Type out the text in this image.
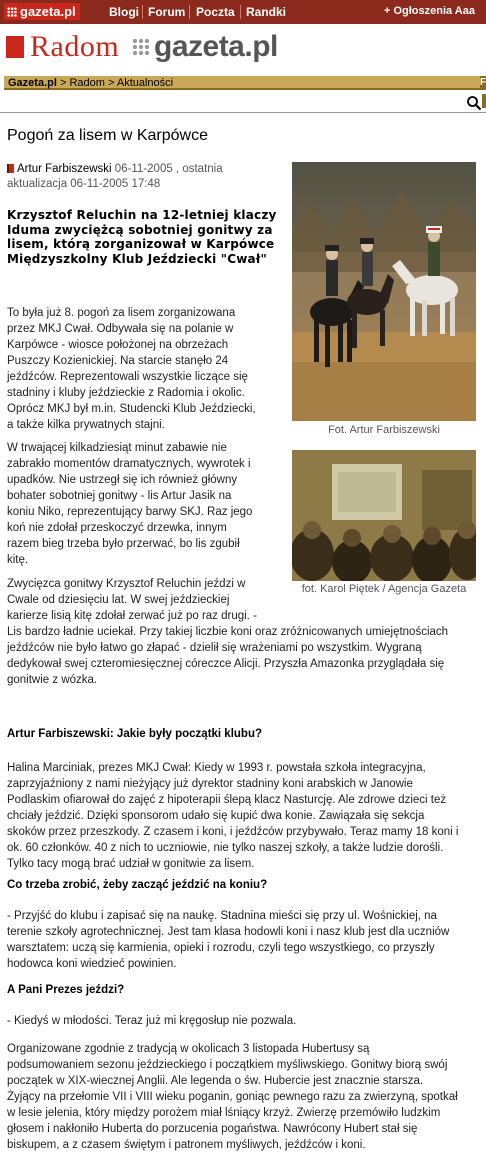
gazeta.pl	Blogi Forum Poczta Randki	+ Ogłoszenia Aaa
Radom	gazeta.pl
Gazeta.pl > Radom > Aktualności	F
Pogoń za lisem w Karpówce
Artur Farbiszewski 06-11-2005 , ostatnia
aktualizacja 06-11-2005 17:48
Krzysztof Reluchin na 12-letniej klaczy
Iduma zwyciężcą sobotniej gonitwy za
lisem, którą zorganizował w Karpówce
Międzyszkolny Klub Jeździecki "Cwał"
Fot. Artur Farbiszewski
fot. Karol Piętek / Agencja Gazeta
To była już 8. pogoń za lisem zorganizowana
przez MKJ Cwał. Odbywała się na polanie w
Karpówce - wiosce położonej na obrzeżach
Puszczy Kozienickiej. Na starcie stanęło 24
jeźdźców. Reprezentowali wszystkie liczące się
stadniny i kluby jeździeckie z Radomia i okolic.
Oprócz MKJ był m.in. Studencki Klub Jeździecki,
a także kilka prywatnych stajni.
W trwającej kilkadziesiąt minut zabawie nie
zabrakło momentów dramatycznych, wywrotek i
upadków. Nie ustrzegł się ich również główny
bohater sobotniej gonitwy - lis Artur Jasik na
koniu Niko, reprezentujący barwy SKJ. Raz jego
koń nie zdołał przeskoczyć drzewka, innym
razem bieg trzeba było przerwać, bo lis zgubił
kitę.
Zwycięzca gonitwy Krzysztof Reluchin jeździ w
Cwale od dziesięciu lat. W swej jeździeckiej
karierze lisią kitę zdołał zerwać już po raz drugi. -
Lis bardzo ładnie uciekał. Przy takiej liczbie koni oraz zróżnicowanych umiejętnościach
jeźdźców nie było łatwo go złapać - dzielił się wrażeniami po wszystkim. Wygraną
dedykował swej czteromiesięcznej córeczce Alicji. Przyszła Amazonka przyglądała się
gonitwie z wózka.
Artur Farbiszewski: Jakie były początki klubu?
Halina Marciniak, prezes MKJ Cwał: Kiedy w 1993 r. powstała szkoła integracyjna,
zaprzyjaźniony z nami nieżyjący już dyrektor stadniny koni arabskich w Janowie
Podlaskim ofiarował do zajęć z hipoterapii ślepą klacz Nasturcję. Ale zdrowe dzieci też
chciały jeździć. Dzięki sponsorom udało się kupić dwa konie. Zawiązała się sekcja
skoków przez przeszkody. Z czasem i koni, i jeźdźców przybywało. Teraz mamy 18 koni i
ok. 60 członków. 40 z nich to uczniowie, nie tylko naszej szkoły, a także ludzie dorośli.
Tylko tacy mogą brać udział w gonitwie za lisem.
Co trzeba zrobić, żeby zacząć jeździć na koniu?
- Przyjść do klubu i zapisać się na naukę. Stadnina mieści się przy ul. Wośnickiej, na
terenie szkoły agrotechnicznej. Jest tam klasa hodowli koni i nasz klub jest dla uczniów
warsztatem: uczą się karmienia, opieki i rozrodu, czyli tego wszystkiego, co przyszły
hodowca koni wiedzieć powinien.
A Pani Prezes jeździ?
- Kiedyś w młodości. Teraz już mi kręgosłup nie pozwala.
Organizowane zgodnie z tradycją w okolicach 3 listopada Hubertusy są
podsumowaniem sezonu jeździeckiego i początkiem myśliwskiego. Gonitwy biorą swój
początek w XIX-wiecznej Anglii. Ale legenda o św. Hubercie jest znacznie starsza.
Żyjący na przełomie VII i VIII wieku poganin, goniąc pewnego razu za zwierzyną, spotkał
w lesie jelenia, który między porożem miał lśniący krzyż. Zwierzę przemówiło ludzkim
głosem i nakłoniło Huberta do porzucenia pogaństwa. Nawrócony Hubert stał się
biskupem, a z czasem świętym i patronem myśliwych, jeźdźców i koni.
